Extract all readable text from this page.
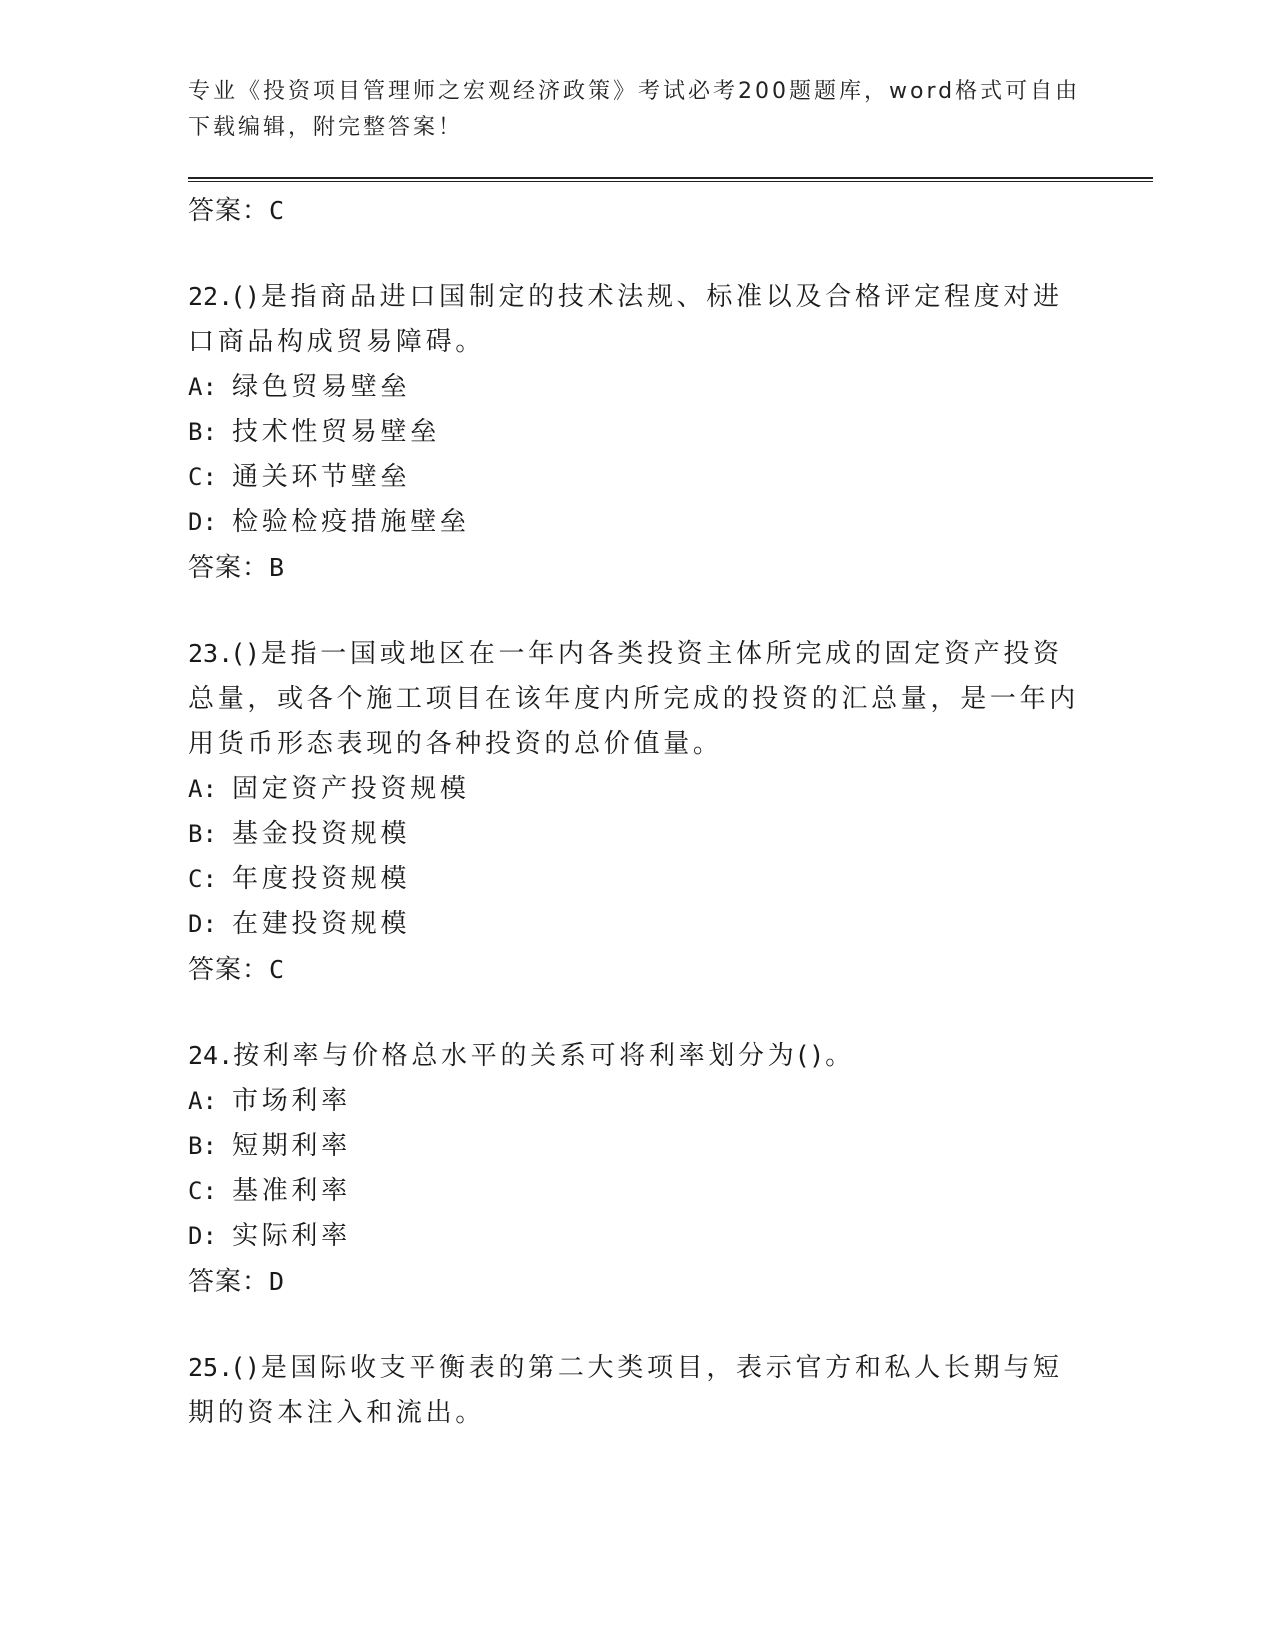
专业《投资项目管理师之宏观经济政策》考试必考200题题库，word格式可自由下载编辑，附完整答案！
答案：C
22.()是指商品进口国制定的技术法规、标准以及合格评定程度对进口商品构成贸易障碍。
A: 绿色贸易壁垒
B: 技术性贸易壁垒
C: 通关环节壁垒
D: 检验检疫措施壁垒
答案：B
23.()是指一国或地区在一年内各类投资主体所完成的固定资产投资总量，或各个施工项目在该年度内所完成的投资的汇总量，是一年内用货币形态表现的各种投资的总价值量。
A: 固定资产投资规模
B: 基金投资规模
C: 年度投资规模
D: 在建投资规模
答案：C
24.按利率与价格总水平的关系可将利率划分为()。
A: 市场利率
B: 短期利率
C: 基准利率
D: 实际利率
答案：D
25.()是国际收支平衡表的第二大类项目，表示官方和私人长期与短期的资本注入和流出。
